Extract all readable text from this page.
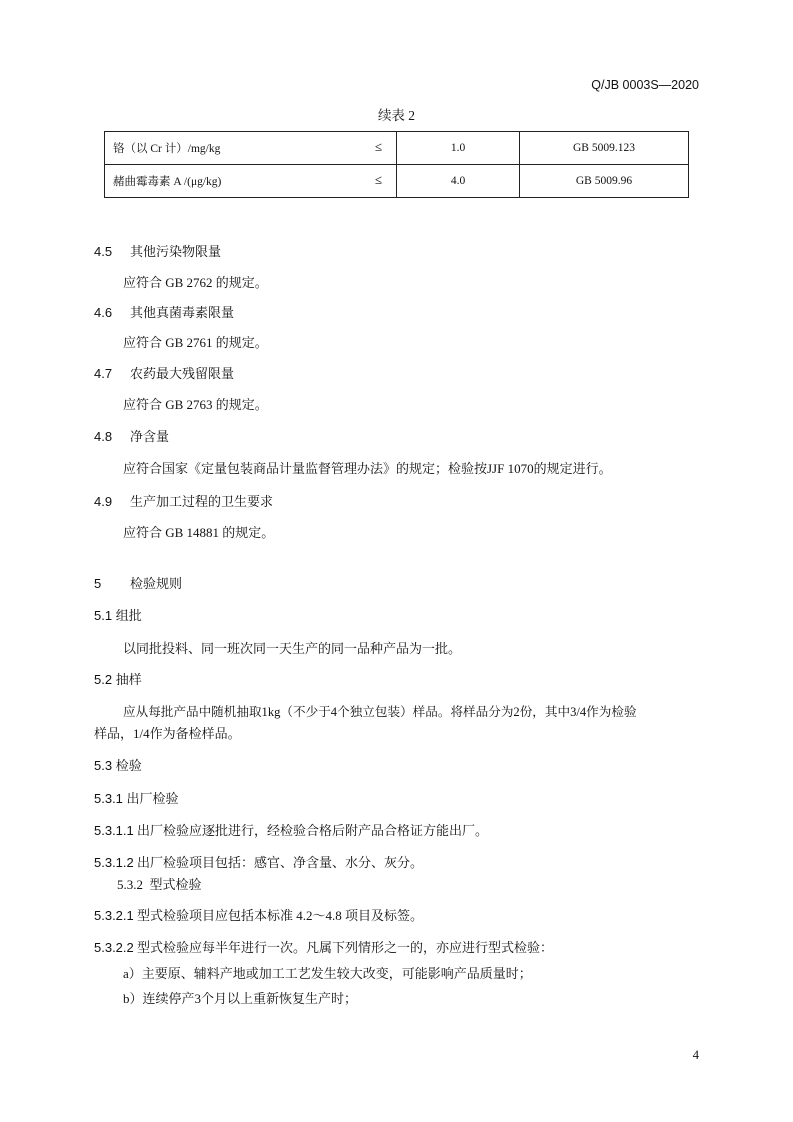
Q/JB 0003S—2020
续表 2
铬（以 Cr 计）/mg/kg ≤	1.0	GB 5009.123
赭曲霉毒素 A /(μg/kg) ≤	4.0	GB 5009.96
4.5 其他污染物限量
应符合 GB 2762 的规定。
4.6 其他真菌毒素限量
应符合 GB 2761 的规定。
4.7 农药最大残留限量
应符合 GB 2763 的规定。
4.8 净含量
应符合国家《定量包装商品计量监督管理办法》的规定；检验按JJF 1070的规定进行。
4.9 生产加工过程的卫生要求
应符合 GB 14881 的规定。
5 检验规则
5.1 组批
以同批投料、同一班次同一天生产的同一品种产品为一批。
5.2 抽样
应从每批产品中随机抽取1kg（不少于4个独立包装）样品。将样品分为2份，其中3/4作为检验
样品，1/4作为备检样品。
5.3 检验
5.3.1 出厂检验
5.3.1.1 出厂检验应逐批进行，经检验合格后附产品合格证方能出厂。
5.3.1.2 出厂检验项目包括：感官、净含量、水分、灰分。
5.3.2 型式检验
5.3.2.1 型式检验项目应包括本标准 4.2～4.8 项目及标签。
5.3.2.2 型式检验应每半年进行一次。凡属下列情形之一的，亦应进行型式检验：
a）主要原、辅料产地或加工工艺发生较大改变，可能影响产品质量时；
b）连续停产3个月以上重新恢复生产时；
4
